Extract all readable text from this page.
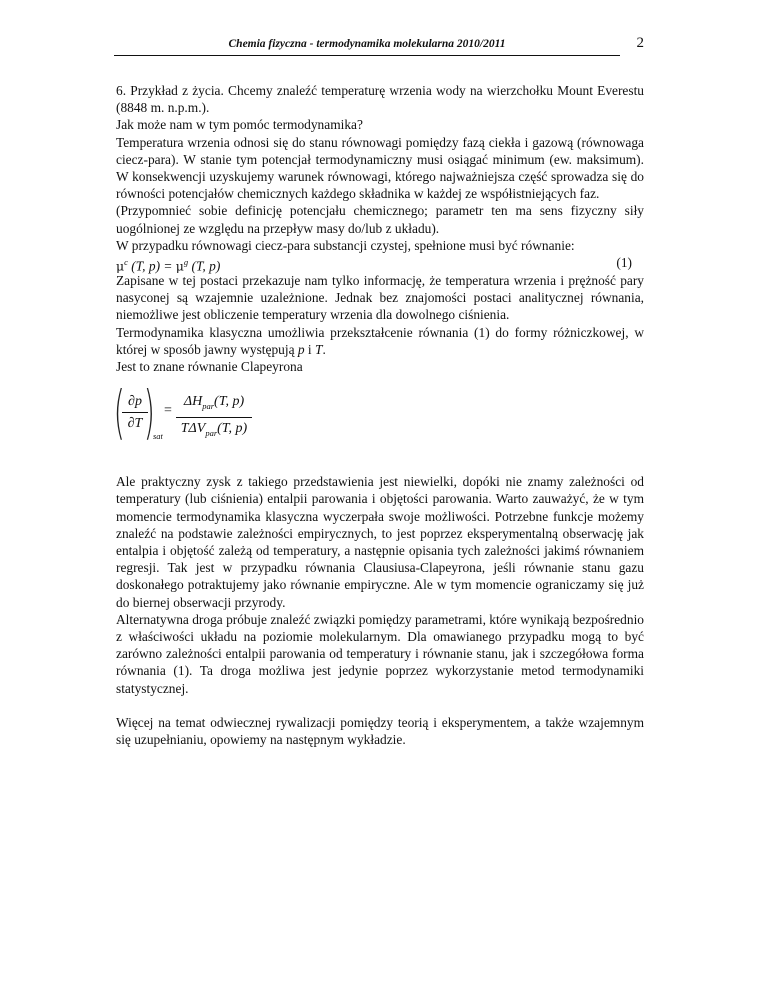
Chemia fizyczna - termodynamika molekularna 2010/2011	2

6. Przykład z życia. Chcemy znaleźć temperaturę wrzenia wody na wierzchołku Mount Everestu (8848 m. n.p.m.).

Jak może nam w tym pomóc termodynamika?

Temperatura wrzenia odnosi się do stanu równowagi pomiędzy fazą ciekła i gazową (równowaga ciecz-para). W stanie tym potencjał termodynamiczny musi osiągać minimum (ew. maksimum). W konsekwencji uzyskujemy warunek równowagi, którego najważniejsza część sprowadza się do równości potencjałów chemicznych każdego składnika w każdej ze współistniejących faz.

(Przypomnieć sobie definicję potencjału chemicznego; parametr ten ma sens fizyczny siły uogólnionej ze względu na przepływ masy do/lub z układu).

W przypadku równowagi ciecz-para substancji czystej, spełnione musi być równanie:

$\mu^c$ (T, $p) = \mu^g$ (T, p)	(1)

Zapisane w tej postaci przekazuje nam tylko informację, że temperatura wrzenia i prężność pary nasyconej są wzajemnie uzależnione. Jednak bez znajomości postaci analitycznej równania, niemożliwe jest obliczenie temperatury wrzenia dla dowolnego ciśnienia.

Termodynamika klasyczna umożliwia przekształcenie równania (1) do formy różniczkowej, w której w sposób jawny występują p i T.

Jest to znane równanie Clapeyrona

(
$\frac{\partial p}{\partial T}$
)
sat
=
$\Delta H_{par}(T$, p)
$T\Delta V_{par}(T$, p)

Ale praktyczny zysk z takiego przedstawienia jest niewielki, dopóki nie znamy zależności od temperatury (lub ciśnienia) entalpii parowania i objętości parowania. Warto zauważyć, że w tym momencie termodynamika klasyczna wyczerpała swoje możliwości. Potrzebne funkcje możemy znaleźć na podstawie zależności empirycznych, to jest poprzez eksperymentalną obserwację jak entalpia i objętość zależą od temperatury, a następnie opisania tych zależności jakimś równaniem regresji. Tak jest w przypadku równania Clausiusa-Clapeyrona, jeśli równanie stanu gazu doskonałego potraktujemy jako równanie empiryczne. Ale w tym momencie ograniczamy się już do biernej obserwacji przyrody.

Alternatywna droga próbuje znaleźć związki pomiędzy parametrami, które wynikają bezpośrednio z właściwości układu na poziomie molekularnym. Dla omawianego przypadku mogą to być zarówno zależności entalpii parowania od temperatury i równanie stanu, jak i szczegółowa forma równania (1). Ta droga możliwa jest jedynie poprzez wykorzystanie metod termodynamiki statystycznej.

Więcej na temat odwiecznej rywalizacji pomiędzy teorią i eksperymentem, a także wzajemnym się uzupełnianiu, opowiemy na następnym wykładzie.
